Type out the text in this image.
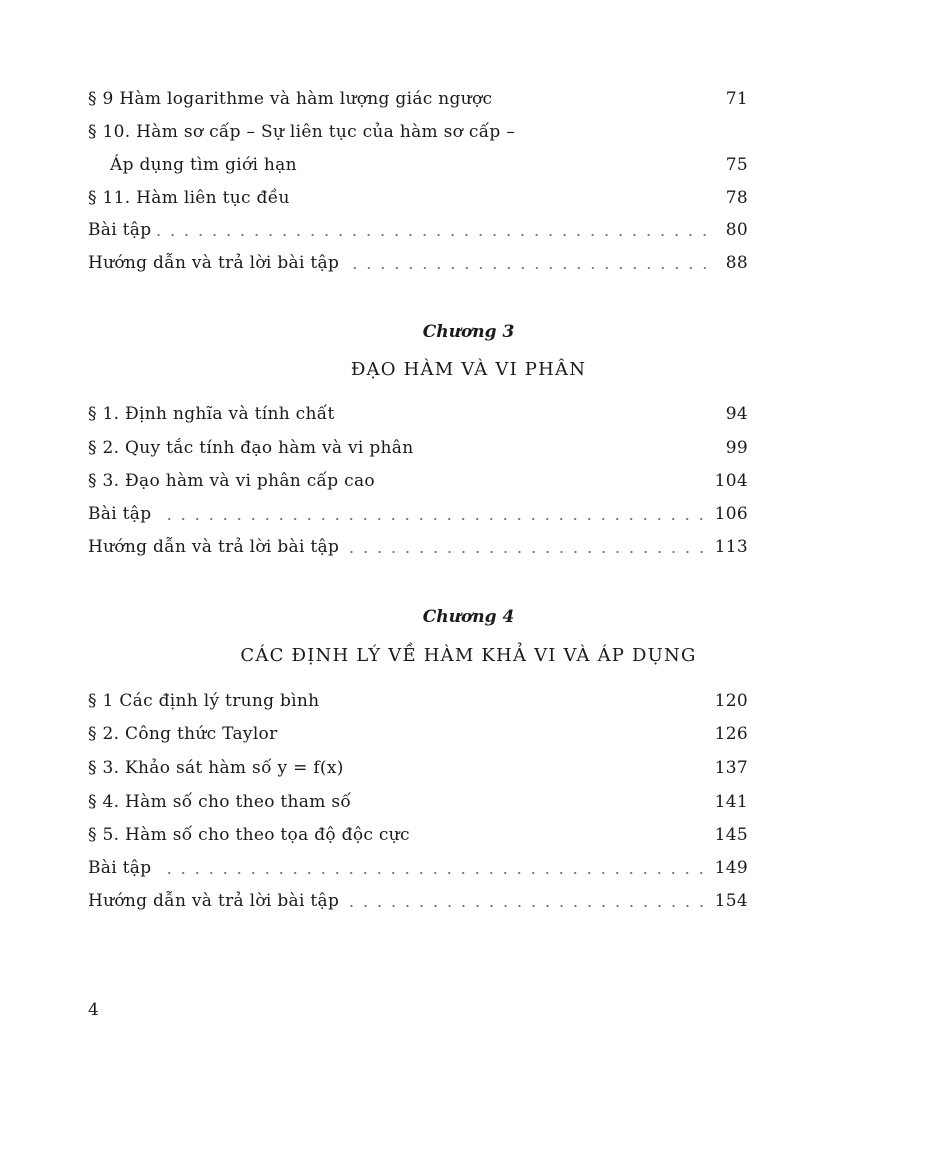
§ 9 Hàm logarithme và hàm lượng giác ngược	71
§ 10. Hàm sơ cấp – Sự liên tục của hàm sơ cấp –
Áp dụng tìm giới hạn	75
§ 11. Hàm liên tục đều	78
Bài tập	80
Hướng dẫn và trả lời bài tập	88
Chương 3
ĐẠO HÀM VÀ VI PHÂN
§ 1. Định nghĩa và tính chất	94
§ 2. Quy tắc tính đạo hàm và vi phân	99
§ 3. Đạo hàm và vi phân cấp cao	104
Bài tập	106
Hướng dẫn và trả lời bài tập	113
Chương 4
CÁC ĐỊNH LÝ VỀ HÀM KHẢ VI VÀ ÁP DỤNG
§ 1 Các định lý trung bình	120
§ 2. Công thức Taylor	126
§ 3. Khảo sát hàm số y = f(x)	137
§ 4. Hàm số cho theo tham số	141
§ 5. Hàm số cho theo tọa độ độc cực	145
Bài tập	149
Hướng dẫn và trả lời bài tập	154
4
